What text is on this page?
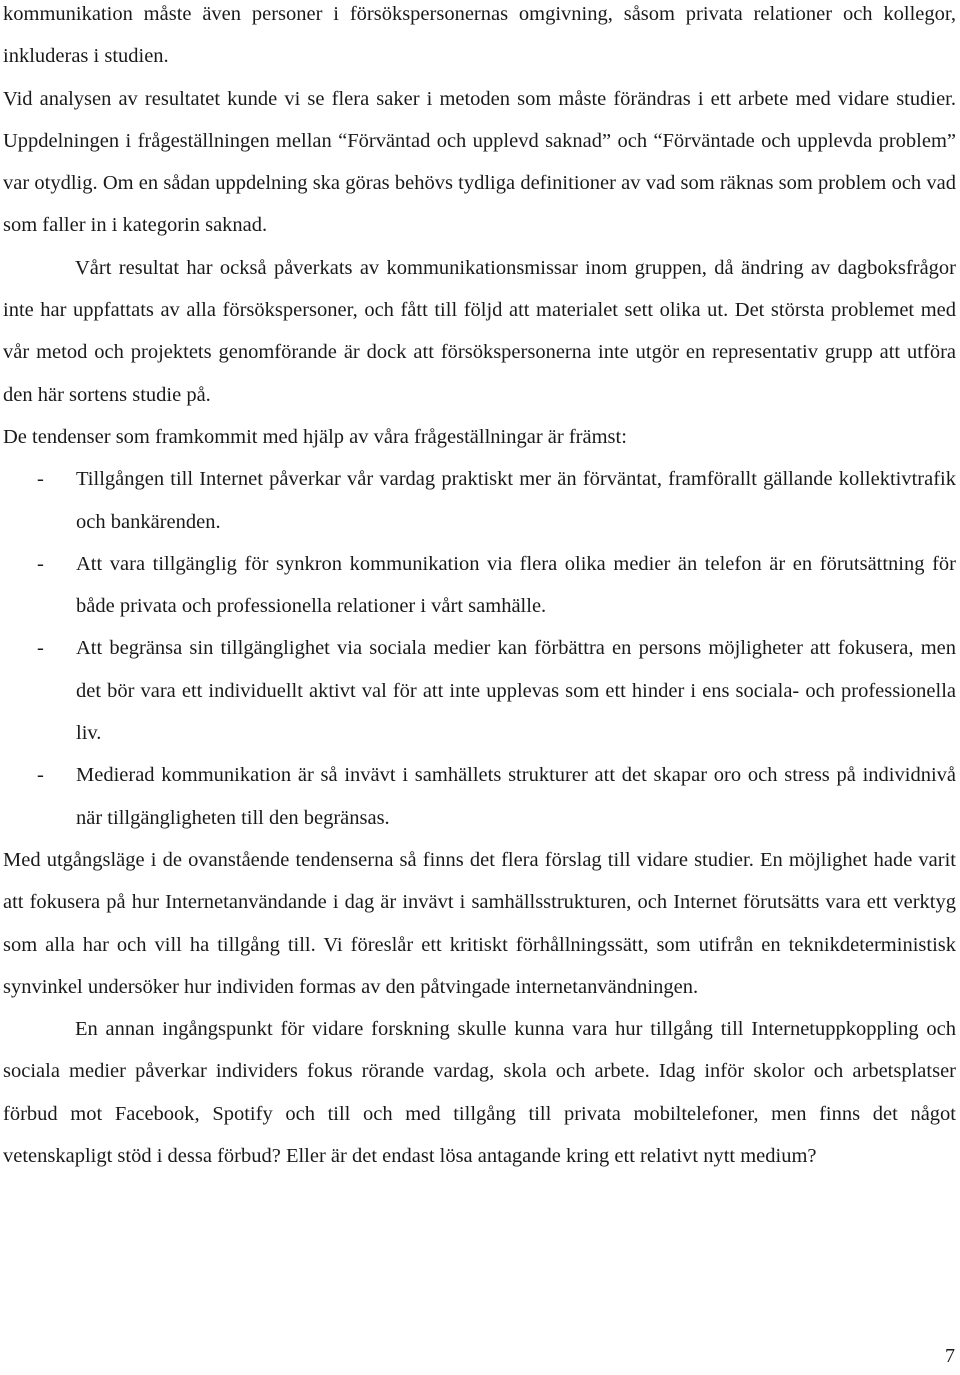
kommunikation måste även personer i försökspersonernas omgivning, såsom privata relationer och kollegor, inkluderas i studien.

Vid analysen av resultatet kunde vi se flera saker i metoden som måste förändras i ett arbete med vidare studier. Uppdelningen i frågeställningen mellan “Förväntad och upplevd saknad” och “Förväntade och upplevda problem” var otydlig. Om en sådan uppdelning ska göras behövs tydliga definitioner av vad som räknas som problem och vad som faller in i kategorin saknad.

Vårt resultat har också påverkats av kommunikationsmissar inom gruppen, då ändring av dagboksfrågor inte har uppfattats av alla försökspersoner, och fått till följd att materialet sett olika ut. Det största problemet med vår metod och projektets genomförande är dock att försökspersonerna inte utgör en representativ grupp att utföra den här sortens studie på.

De tendenser som framkommit med hjälp av våra frågeställningar är främst:

- Tillgången till Internet påverkar vår vardag praktiskt mer än förväntat, framförallt gällande kollektivtrafik och bankärenden.
- Att vara tillgänglig för synkron kommunikation via flera olika medier än telefon är en förutsättning för både privata och professionella relationer i vårt samhälle.
- Att begränsa sin tillgänglighet via sociala medier kan förbättra en persons möjligheter att fokusera, men det bör vara ett individuellt aktivt val för att inte upplevas som ett hinder i ens sociala- och professionella liv.
- Medierad kommunikation är så invävt i samhällets strukturer att det skapar oro och stress på individnivå när tillgängligheten till den begränsas.

Med utgångsläge i de ovanstående tendenserna så finns det flera förslag till vidare studier. En möjlighet hade varit att fokusera på hur Internetanvändande i dag är invävt i samhällsstrukturen, och Internet förutsätts vara ett verktyg som alla har och vill ha tillgång till. Vi föreslår ett kritiskt förhållningssätt, som utifrån en teknikdeterministisk synvinkel undersöker hur individen formas av den påtvingade internetanvändningen.

En annan ingångspunkt för vidare forskning skulle kunna vara hur tillgång till Internetuppkoppling och sociala medier påverkar individers fokus rörande vardag, skola och arbete. Idag inför skolor och arbetsplatser förbud mot Facebook, Spotify och till och med tillgång till privata mobiltelefoner, men finns det något vetenskapligt stöd i dessa förbud? Eller är det endast lösa antagande kring ett relativt nytt medium?

7
